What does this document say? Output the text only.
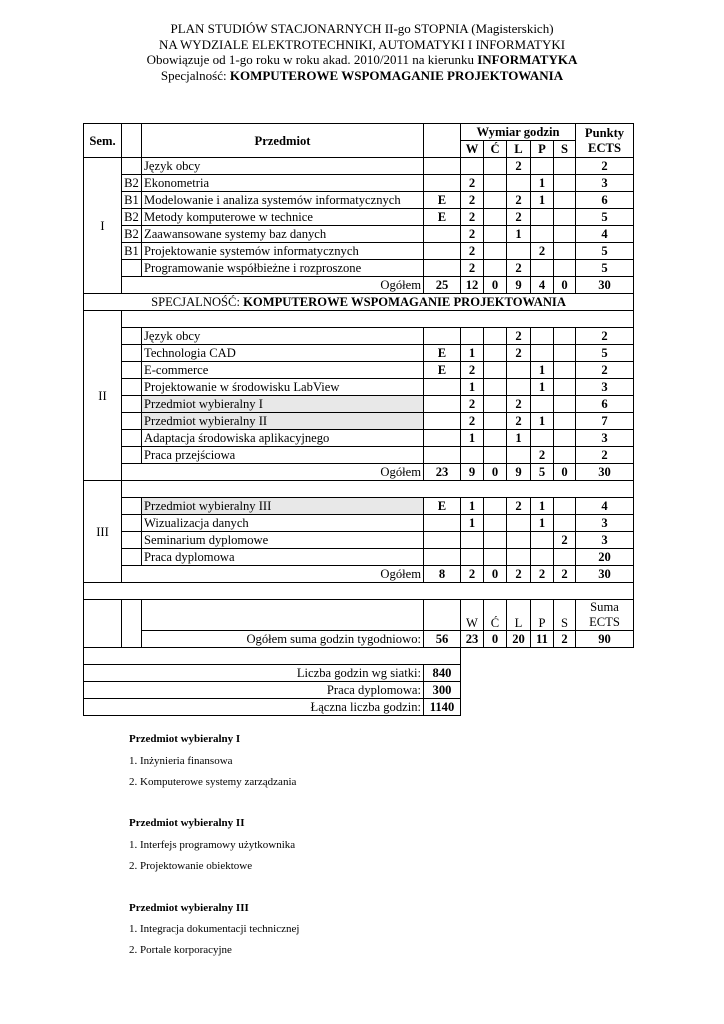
PLAN STUDIÓW STACJONARNYCH II-go STOPNIA (Magisterskich)
NA WYDZIALE ELEKTROTECHNIKI, AUTOMATYKI I INFORMATYKI
Obowiązuje od 1-go roku w roku akad. 2010/2011 na kierunku INFORMATYKA
Specjalność: KOMPUTEROWE WSPOMAGANIE PROJEKTOWANIA
Sem.		Przedmiot		Wymiar godzin					Punkty ECTS
				W	Ć	L	P	S	
I		Język obcy				2			2
	B2	Ekonometria		2			1		3
	B1	Modelowanie i analiza systemów informatycznych	E	2		2	1		6
	B2	Metody komputerowe w technice	E	2		2			5
	B2	Zaawansowane systemy baz danych		2		1			4
	B1	Projektowanie systemów informatycznych		2			2		5
		Programowanie współbieżne i rozproszone		2		2			5
	Ogółem		25	12	0	9	4	0	30
SPECJALNOŚĆ: KOMPUTEROWE WSPOMAGANIE PROJEKTOWANIA									
II									
		Język obcy				2			2
		Technologia CAD	E	1		2			5
		E-commerce	E	2			1		2
		Projektowanie w środowisku LabView		1			1		3
		Przedmiot wybieralny I		2		2			6
		Przedmiot wybieralny II		2		2	1		7
		Adaptacja środowiska aplikacyjnego		1		1			3
		Praca przejściowa					2		2
	Ogółem		23	9	0	9	5	0	30
III									
		Przedmiot wybieralny III	E	1		2	1		4
		Wizualizacja danych		1			1		3
		Seminarium dyplomowe						2	3
		Praca dyplomowa							20
	Ogółem		8	2	0	2	2	2	30

				W	Ć	L	P	S	Suma ECTS
		Ogółem suma godzin tygodniowo:	56	23	0	20	11	2	90

Liczba godzin wg siatki:			840						
Praca dyplomowa:			300						
Łączna liczba godzin:			1140						
Przedmiot wybieralny I
1. Inżynieria finansowa
2. Komputerowe systemy zarządzania
Przedmiot wybieralny II
1. Interfejs programowy użytkownika
2. Projektowanie obiektowe
Przedmiot wybieralny III
1. Integracja dokumentacji technicznej
2. Portale korporacyjne
